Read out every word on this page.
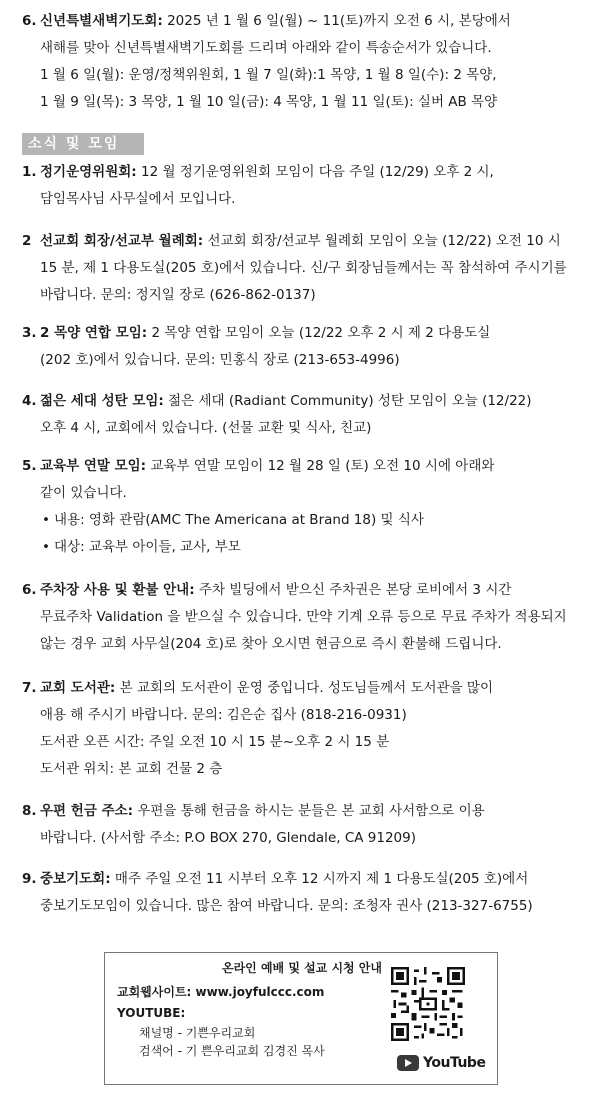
6. 신년특별새벽기도회: 2025 년 1 월 6 일(월) ~ 11(토)까지 오전 6 시, 본당에서
새해를 맞아 신년특별새벽기도회를 드리며 아래와 같이 특송순서가 있습니다.
1 월 6 일(월): 운영/정책위원회, 1 월 7 일(화):1 목양, 1 월 8 일(수): 2 목양,
1 월 9 일(목): 3 목양, 1 월 10 일(금): 4 목양, 1 월 11 일(토): 실버 AB 목양
소식 및 모임
1. 정기운영위원회: 12 월 정기운영위원회 모임이 다음 주일 (12/29) 오후 2 시,
담임목사님 사무실에서 모입니다.
2 선교회 회장/선교부 월례회: 선교회 회장/선교부 월례회 모임이 오늘 (12/22) 오전 10 시
15 분, 제 1 다용도실(205 호)에서 있습니다. 신/구 회장님들께서는 꼭 참석하여 주시기를
바랍니다. 문의: 정지일 장로 (626-862-0137)
3. 2 목양 연합 모임: 2 목양 연합 모임이 오늘 (12/22 오후 2 시 제 2 다용도실
(202 호)에서 있습니다. 문의: 민홍식 장로 (213-653-4996)
4. 젊은 세대 성탄 모임: 젊은 세대 (Radiant Community) 성탄 모임이 오늘 (12/22)
오후 4 시, 교회에서 있습니다. (선물 교환 및 식사, 친교)
5. 교육부 연말 모임: 교육부 연말 모임이 12 월 28 일 (토) 오전 10 시에 아래와
같이 있습니다.
• 내용: 영화 관람(AMC The Americana at Brand 18) 및 식사
• 대상: 교육부 아이들, 교사, 부모
6. 주차장 사용 및 환불 안내: 주차 빌딩에서 받으신 주차권은 본당 로비에서 3 시간
무료주차 Validation 을 받으실 수 있습니다. 만약 기계 오류 등으로 무료 주차가 적용되지
않는 경우 교회 사무실(204 호)로 찾아 오시면 현금으로 즉시 환불해 드립니다.
7. 교회 도서관: 본 교회의 도서관이 운영 중입니다. 성도님들께서 도서관을 많이
애용 해 주시기 바랍니다. 문의: 김은순 집사 (818-216-0931)
도서관 오픈 시간: 주일 오전 10 시 15 분~오후 2 시 15 분
도서관 위치: 본 교회 건물 2 층
8. 우편 헌금 주소: 우편을 통해 헌금을 하시는 분들은 본 교회 사서함으로 이용
바랍니다. (사서함 주소: P.O BOX 270, Glendale, CA 91209)
9. 중보기도회: 매주 주일 오전 11 시부터 오후 12 시까지 제 1 다용도실(205 호)에서
중보기도모임이 있습니다. 많은 참여 바랍니다. 문의: 조청자 권사 (213-327-6755)
온라인 예배 및 설교 시청 안내
교회웹사이트: www.joyfulccc.com
YOUTUBE:
채널명 - 기쁜우리교회
검색어 - 기 쁜우리교회 김경진 목사
YouTube
